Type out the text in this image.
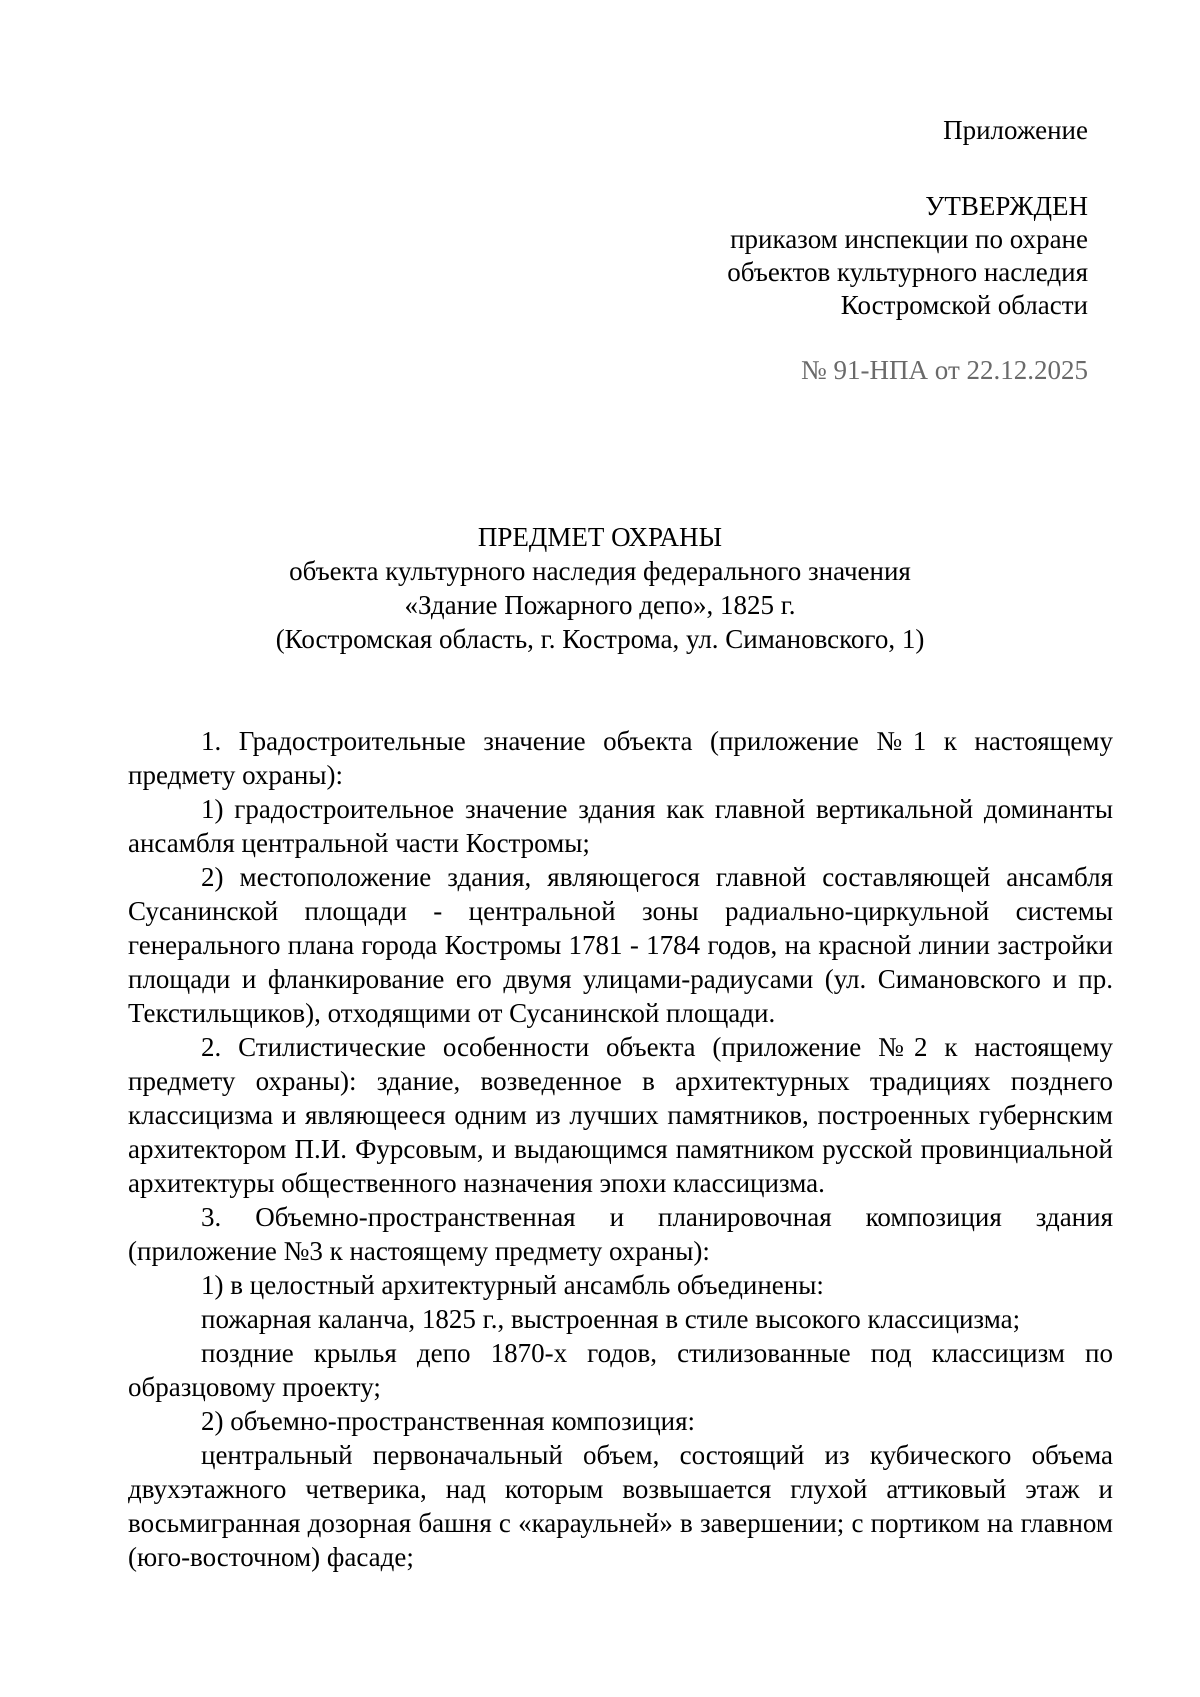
Приложение
УТВЕРЖДЕН
приказом инспекции по охране
объектов культурного наследия
Костромской области
№ 91-НПА от 22.12.2025
ПРЕДМЕТ ОХРАНЫ
объекта культурного наследия федерального значения
«Здание Пожарного депо», 1825 г.
(Костромская область, г. Кострома, ул. Симановского, 1)

1. Градостроительные значение объекта (приложение №1 к настоящему предмету охраны):

1) градостроительное значение здания как главной вертикальной доминанты ансамбля центральной части Костромы;

2) местоположение здания, являющегося главной составляющей ансамбля Сусанинской площади - центральной зоны радиально-циркульной системы генерального плана города Костромы 1781 - 1784 годов, на красной линии застройки площади и фланкирование его двумя улицами-радиусами (ул. Симановского и пр. Текстильщиков), отходящими от Сусанинской площади.

2. Стилистические особенности объекта (приложение №2 к настоящему предмету охраны): здание, возведенное в архитектурных традициях позднего классицизма и являющееся одним из лучших памятников, построенных губернским архитектором П.И. Фурсовым, и выдающимся памятником русской провинциальной архитектуры общественного назначения эпохи классицизма.

3. Объемно-пространственная и планировочная композиция здания (приложение №3 к настоящему предмету охраны):

1) в целостный архитектурный ансамбль объединены:

пожарная каланча, 1825 г., выстроенная в стиле высокого классицизма;

поздние крылья депо 1870-х годов, стилизованные под классицизм по образцовому проекту;

2) объемно-пространственная композиция:

центральный первоначальный объем, состоящий из кубического объема двухэтажного четверика, над которым возвышается глухой аттиковый этаж и восьмигранная дозорная башня с «караульней» в завершении; с портиком на главном (юго-восточном) фасаде;
